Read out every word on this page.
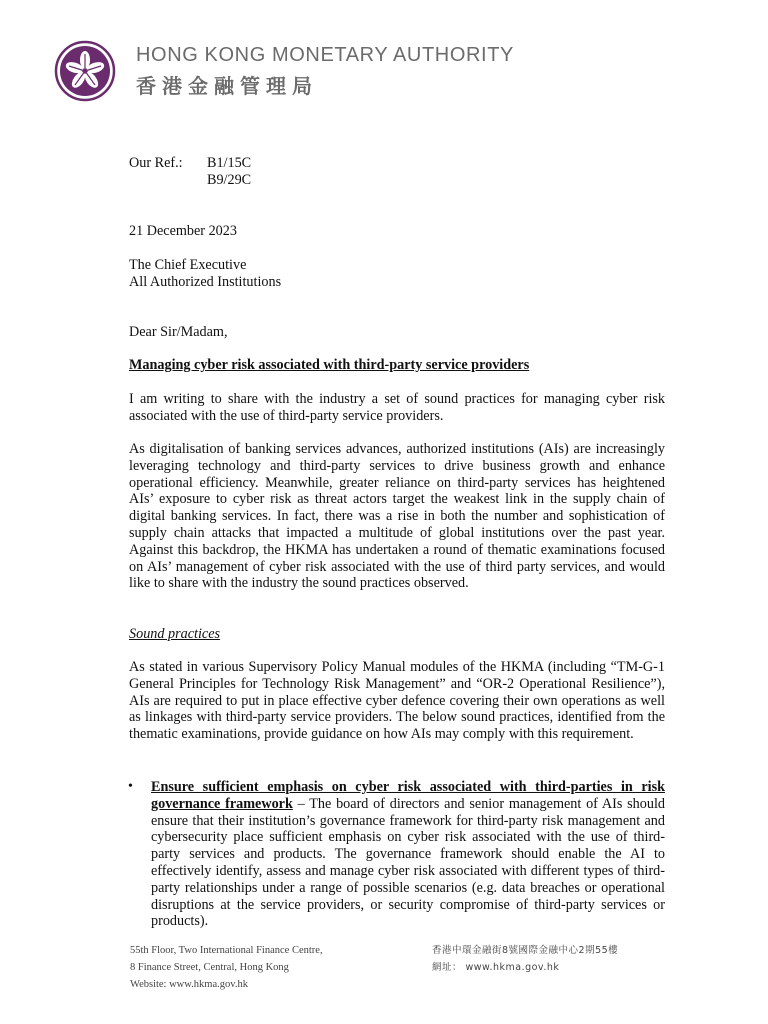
HONG KONG MONETARY AUTHORITY
香港金融管理局
Our Ref.:	B1/15C
	B9/29C
21 December 2023
The Chief Executive
All Authorized Institutions
Dear Sir/Madam,
Managing cyber risk associated with third-party service providers

I am writing to share with the industry a set of sound practices for managing cyber risk associated with the use of third-party service providers.

As digitalisation of banking services advances, authorized institutions (AIs) are increasingly leveraging technology and third-party services to drive business growth and enhance operational efficiency. Meanwhile, greater reliance on third-party services has heightened AIs’ exposure to cyber risk as threat actors target the weakest link in the supply chain of digital banking services. In fact, there was a rise in both the number and sophistication of supply chain attacks that impacted a multitude of global institutions over the past year. Against this backdrop, the HKMA has undertaken a round of thematic examinations focused on AIs’ management of cyber risk associated with the use of third party services, and would like to share with the industry the sound practices observed.

Sound practices

As stated in various Supervisory Policy Manual modules of the HKMA (including “TM-G-1 General Principles for Technology Risk Management” and “OR-2 Operational Resilience”), AIs are required to put in place effective cyber defence covering their own operations as well as linkages with third-party service providers. The below sound practices, identified from the thematic examinations, provide guidance on how AIs may comply with this requirement.

• Ensure sufficient emphasis on cyber risk associated with third-parties in risk governance framework – The board of directors and senior management of AIs should ensure that their institution’s governance framework for third-party risk management and cybersecurity place sufficient emphasis on cyber risk associated with the use of third-party services and products. The governance framework should enable the AI to effectively identify, assess and manage cyber risk associated with different types of third-party relationships under a range of possible scenarios (e.g. data breaches or operational disruptions at the service providers, or security compromise of third-party services or products).

55th Floor, Two International Finance Centre,
8 Finance Street, Central, Hong Kong
Website: www.hkma.gov.hk
香港中環金融街8號國際金融中心2期55樓
網址： www.hkma.gov.hk
